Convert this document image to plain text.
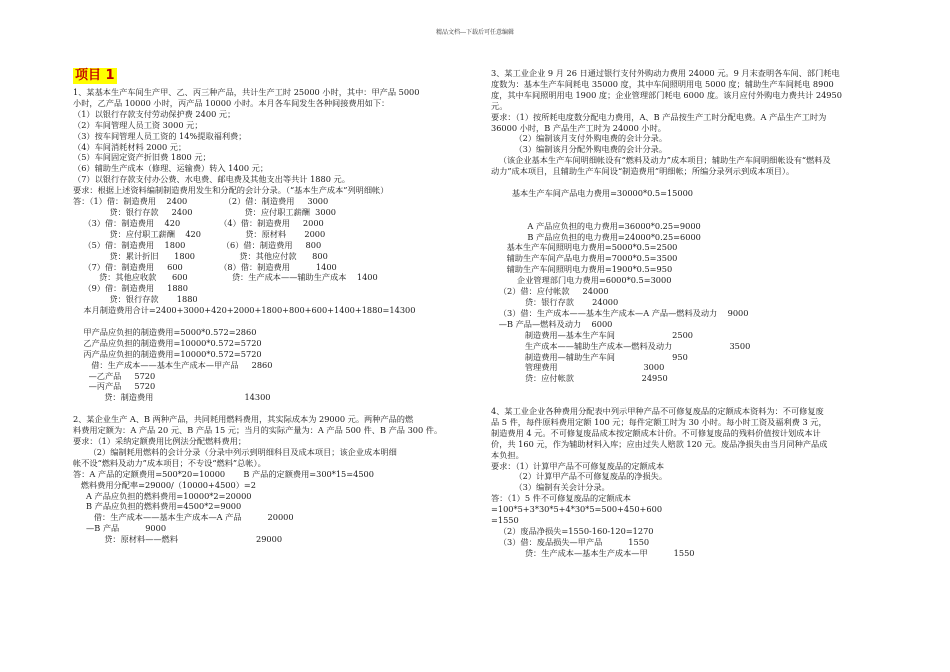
精品文档---下载后可任意编辑
项目 1
1、某基本生产车间生产甲、乙、丙三种产品，共计生产工时 25000 小时，其中：甲产品 5000
小时，乙产品 10000 小时，丙产品 10000 小时。本月各车间发生各种间接费用如下：
（1）以银行存款支付劳动保护费 2400 元；
（2）车间管理人员工资 3000 元；
（3）按车间管理人员工资的 14%提取福利费；
（4）车间消耗材料 2000 元；
（5）车间固定资产折旧费 1800 元；
（6）辅助生产成本（修理、运输费）转入 1400 元；
（7）以银行存款支付办公费、水电费、邮电费及其他支出等共计 1880 元。
要求：根据上述资料编制制造费用发生和分配的会计分录。（“基本生产成本”列明细帐）
答：（1）借：制造费用    2400              （2）借：制造费用     3000
贷：银行存款     2400                    贷：应付职工薪酬  3000
（3）借：制造费用    420               （4）借：制造费用     2000
贷：应付职工薪酬    420                 贷：原材料       2000
（5）借：制造费用    1800              （6）借：制造费用     800
贷：累计折旧      1800                 贷：其他应付款      800
（7）借：制造费用     600              （8）借：制造费用          1400
贷：其他应收款      600                 贷：生产成本——辅助生产成本    1400
（9）借：制造费用     1880
贷：银行存款       1880
本月制造费用合计=2400+3000+420+2000+1800+800+600+1400+1880=14300
甲产品应负担的制造费用=5000*0.572=2860
乙产品应负担的制造费用=10000*0.572=5720
丙产品应负担的制造费用=10000*0.572=5720
借：生产成本——基本生产成本—甲产品     2860
—乙产品     5720
—丙产品     5720
贷：制造费用                                   14300
2、某企业生产 A、B 两种产品，共同耗用燃料费用，其实际成本为 29000 元。两种产品的燃
料费用定额为：A 产品 20 元、B 产品 15 元；当月的实际产量为：A 产品 500 件、B 产品 300 件。
要求：（1）采纳定额费用比例法分配燃料费用；
（2）编制耗用燃料的会计分录（分录中列示到明细科目及成本项目；该企业成本明细
帐不设“燃料及动力”成本项目；不专设“燃料”总帐）。
答：A 产品的定额费用=500*20=10000       B 产品的定额费用=300*15=4500
燃料费用分配率=29000/（10000+4500）=2
A 产品应负担的燃料费用=10000*2=20000
B 产品应负担的燃料费用=4500*2=9000
借：生产成本——基本生产成本—A 产品          20000
—B 产品          9000
贷：原材料——燃料                              29000
3、某工业企业 9 月 26 日通过银行支付外购动力费用 24000 元。9 月末查明各车间、部门耗电
度数为：基本生产车间耗电 35000 度，其中车间照明用电 5000 度；辅助生产车间耗电 8900
度，其中车间照明用电 1900 度；企业管理部门耗电 6000 度。该月应付外购电力费共计 24950
元。
要求：（1）按所耗电度数分配电力费用，A、B 产品按生产工时分配电费。A 产品生产工时为
36000 小时，B 产品生产工时为 24000 小时。
（2）编制该月支付外购电费的会计分录。
（3）编制该月分配外购电费的会计分录。
（该企业基本生产车间明细帐设有“燃料及动力”成本项目；辅助生产车间明细帐设有“燃料及
动力”成本项目，且辅助生产车间设“制造费用”明细帐；所编分录列示到成本项目）。
基本生产车间产品电力费用=30000*0.5=15000
A 产品应负担的电力费用=36000*0.25=9000
B 产品应负担的电力费用=24000*0.25=6000
基本生产车间照明电力费用=5000*0.5=2500
辅助生产车间产品电力费用=7000*0.5=3500
辅助生产车间照明电力费用=1900*0.5=950
企业管理部门电力费用=6000*0.5=3000
（2）借：应付帐款     24000
贷：银行存款       24000
（3）借：生产成本——基本生产成本—A 产品—燃料及动力    9000
—B 产品—燃料及动力    6000
制造费用—基本生产车间                      2500
生产成本——辅助生产成本—燃料及动力                      3500
制造费用—辅助生产车间                      950
管理费用                                 3000
贷：应付帐款                          24950
4、某工业企业各种费用分配表中列示甲种产品不可修复废品的定额成本资料为：不可修复废
品 5 件，每件原料费用定额 100 元；每件定额工时为 30 小时。每小时工资及福利费 3 元，
制造费用 4 元。不可修复废品成本按定额成本计价。不可修复废品的残料价值按计划成本计
价，共 160 元，作为辅助材料入库；应由过失人赔款 120 元。废品净损失由当月同种产品成
本负担。
要求：（1）计算甲产品不可修复废品的定额成本
（2）计算甲产品不可修复废品的净损失。
（3）编制有关会计分录。
答：（1）5 件不可修复废品的定额成本
=100*5+3*30*5+4*30*5=500+450+600
=1550
（2）废品净损失=1550-160-120=1270
（3）借：废品损失—甲产品          1550
贷：生产成本—基本生产成本—甲          1550
